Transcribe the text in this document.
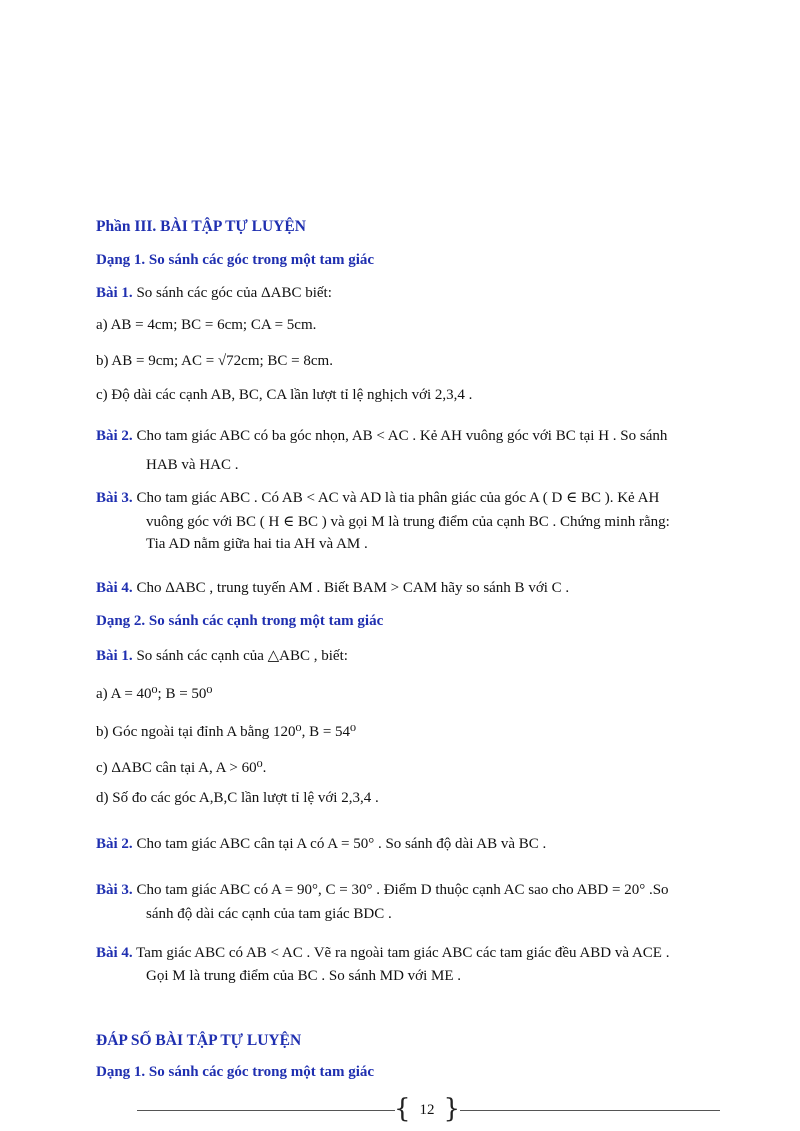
Phần III. BÀI TẬP TỰ LUYỆN
Dạng 1. So sánh các góc trong một tam giác
Bài 1. So sánh các góc của ΔABC biết:
a) AB = 4cm; BC = 6cm; CA = 5cm.
b) AB = 9cm; AC = √72cm; BC = 8cm.
c) Độ dài các cạnh AB, BC, CA lần lượt tỉ lệ nghịch với 2,3,4 .
Bài 2. Cho tam giác ABC có ba góc nhọn, AB < AC . Kẻ AH vuông góc với BC tại H . So sánh
HAB và HAC .
Bài 3. Cho tam giác ABC . Có AB < AC và AD là tia phân giác của góc A ( D ∈ BC ). Kẻ AH
vuông góc với BC ( H ∈ BC ) và gọi M là trung điểm của cạnh BC . Chứng minh rằng:
Tia AD nằm giữa hai tia AH và AM .
Bài 4. Cho ΔABC , trung tuyến AM . Biết BAM > CAM hãy so sánh B với C .
Dạng 2. So sánh các cạnh trong một tam giác
Bài 1. So sánh các cạnh của △ABC , biết:
a) A = 40⁰; B = 50⁰
b) Góc ngoài tại đỉnh A bằng 120⁰, B = 54⁰
c) ΔABC cân tại A, A > 60⁰.
d) Số đo các góc A,B,C lần lượt tỉ lệ với 2,3,4 .
Bài 2. Cho tam giác ABC cân tại A có A = 50° . So sánh độ dài AB và BC .
Bài 3. Cho tam giác ABC có A = 90°, C = 30° . Điểm D thuộc cạnh AC sao cho ABD = 20° .So
sánh độ dài các cạnh của tam giác BDC .
Bài 4. Tam giác ABC có AB < AC . Vẽ ra ngoài tam giác ABC các tam giác đều ABD và ACE .
Gọi M là trung điểm của BC . So sánh MD với ME .
ĐÁP SỐ BÀI TẬP TỰ LUYỆN
Dạng 1. So sánh các góc trong một tam giác
{ 12 }
